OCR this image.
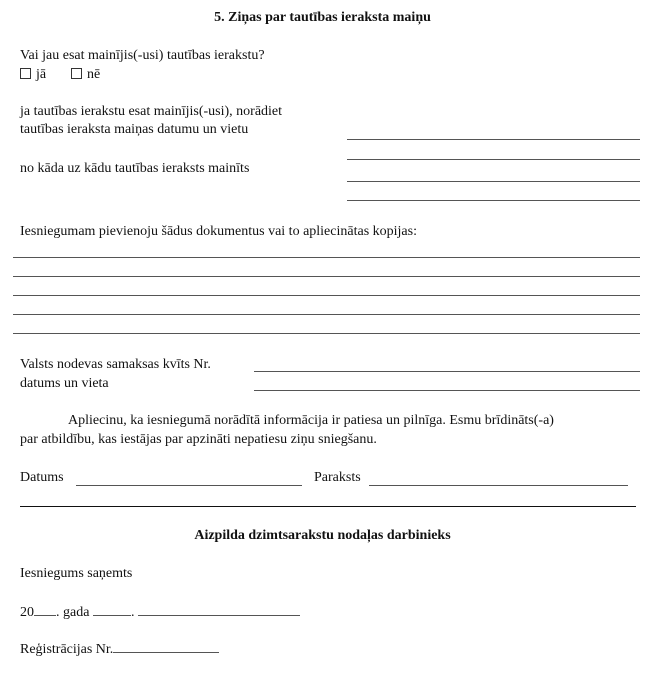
5. Ziņas par tautības ieraksta maiņu
Vai jau esat mainījis(-usi) tautības ierakstu?
jā	nē
ja tautības ierakstu esat mainījis(-usi), norādiet
tautības ieraksta maiņas datumu un vietu
no kāda uz kādu tautības ieraksts mainīts
Iesniegumam pievienoju šādus dokumentus vai to apliecinātas kopijas:
Valsts nodevas samaksas kvīts Nr.
datums un vieta
Apliecinu, ka iesniegumā norādītā informācija ir patiesa un pilnīga. Esmu brīdināts(-a)
par atbildību, kas iestājas par apzināti nepatiesu ziņu sniegšanu.
Datums	Paraksts
Aizpilda dzimtsarakstu nodaļas darbinieks
Iesniegums saņemts
20 . gada	.
Reģistrācijas Nr.
